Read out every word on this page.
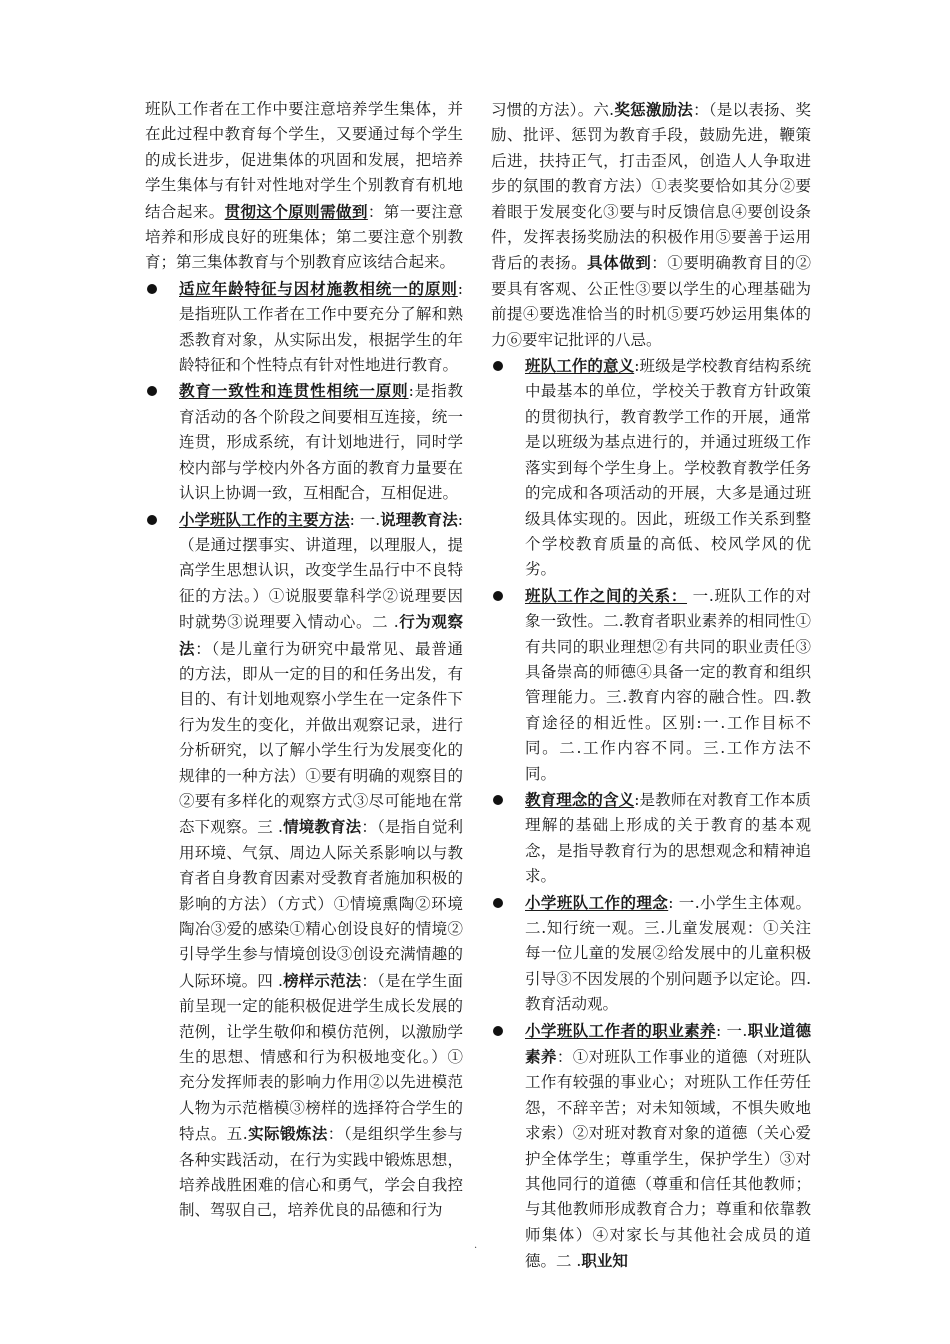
班队工作者在工作中要注意培养学生集体，并在此过程中教育每个学生，又要通过每个学生的成长进步，促进集体的巩固和发展，把培养学生集体与有针对性地对学生个别教育有机地结合起来。贯彻这个原则需做到：第一要注意培养和形成良好的班集体；第二要注意个别教育；第三集体教育与个别教育应该结合起来。

适应年龄特征与因材施教相统一的原则:是指班队工作者在工作中要充分了解和熟悉教育对象，从实际出发，根据学生的年龄特征和个性特点有针对性地进行教育。

教育一致性和连贯性相统一原则:是指教育活动的各个阶段之间要相互连接，统一连贯，形成系统，有计划地进行，同时学校内部与学校内外各方面的教育力量要在认识上协调一致，互相配合，互相促进。

小学班队工作的主要方法: 一.说理教育法:（是通过摆事实、讲道理，以理服人，提高学生思想认识，改变学生品行中不良特征的方法。）①说服要靠科学②说理要因时就势③说理要入情动心。二 .行为观察法：（是儿童行为研究中最常见、最普通的方法，即从一定的目的和任务出发，有目的、有计划地观察小学生在一定条件下行为发生的变化，并做出观察记录，进行分析研究，以了解小学生行为发展变化的规律的一种方法）①要有明确的观察目的②要有多样化的观察方式③尽可能地在常态下观察。三 .情境教育法：（是指自觉利用环境、气氛、周边人际关系影响以与教育者自身教育因素对受教育者施加积极的影响的方法）（方式）①情境熏陶②环境陶冶③爱的感染①精心创设良好的情境②引导学生参与情境创设③创设充满情趣的人际环境。四 .榜样示范法：（是在学生面前呈现一定的能积极促进学生成长发展的范例，让学生敬仰和模仿范例，以激励学生的思想、情感和行为积极地变化。）①充分发挥师表的影响力作用②以先进模范人物为示范楷模③榜样的选择符合学生的特点。五.实际锻炼法：（是组织学生参与各种实践活动，在行为实践中锻炼思想，培养战胜困难的信心和勇气，学会自我控制、驾驭自己，培养优良的品德和行为

习惯的方法）。六.奖惩激励法：（是以表扬、奖励、批评、惩罚为教育手段，鼓励先进，鞭策后进，扶持正气，打击歪风，创造人人争取进步的氛围的教育方法）①表奖要恰如其分②要着眼于发展变化③要与时反馈信息④要创设条件，发挥表扬奖励法的积极作用⑤要善于运用背后的表扬。具体做到：①要明确教育目的②要具有客观、公正性③要以学生的心理基础为前提④要选准恰当的时机⑤要巧妙运用集体的力⑥要牢记批评的八忌。

班队工作的意义:班级是学校教育结构系统中最基本的单位，学校关于教育方针政策的贯彻执行，教育教学工作的开展，通常是以班级为基点进行的，并通过班级工作落实到每个学生身上。学校教育教学任务的完成和各项活动的开展，大多是通过班级具体实现的。因此，班级工作关系到整个学校教育质量的高低、校风学风的优劣。

班队工作之间的关系： 一.班队工作的对象一致性。二.教育者职业素养的相同性①有共同的职业理想②有共同的职业责任③具备崇高的师德④具备一定的教育和组织管理能力。三.教育内容的融合性。四.教育途径的相近性。区别:一.工作目标不同。二.工作内容不同。三.工作方法不同。

教育理念的含义:是教师在对教育工作本质理解的基础上形成的关于教育的基本观念，是指导教育行为的思想观念和精神追求。

小学班队工作的理念: 一.小学生主体观。二.知行统一观。三.儿童发展观：①关注每一位儿童的发展②给发展中的儿童积极引导③不因发展的个别问题予以定论。四.教育活动观。

小学班队工作者的职业素养: 一.职业道德素养：①对班队工作事业的道德（对班队工作有较强的事业心；对班队工作任劳任怨，不辞辛苦；对未知领域，不惧失败地求索）②对班对教育对象的道德（关心爱护全体学生；尊重学生，保护学生）③对其他同行的道德（尊重和信任其他教师；与其他教师形成教育合力；尊重和依靠教师集体）④对家长与其他社会成员的道德。二 .职业知

.
